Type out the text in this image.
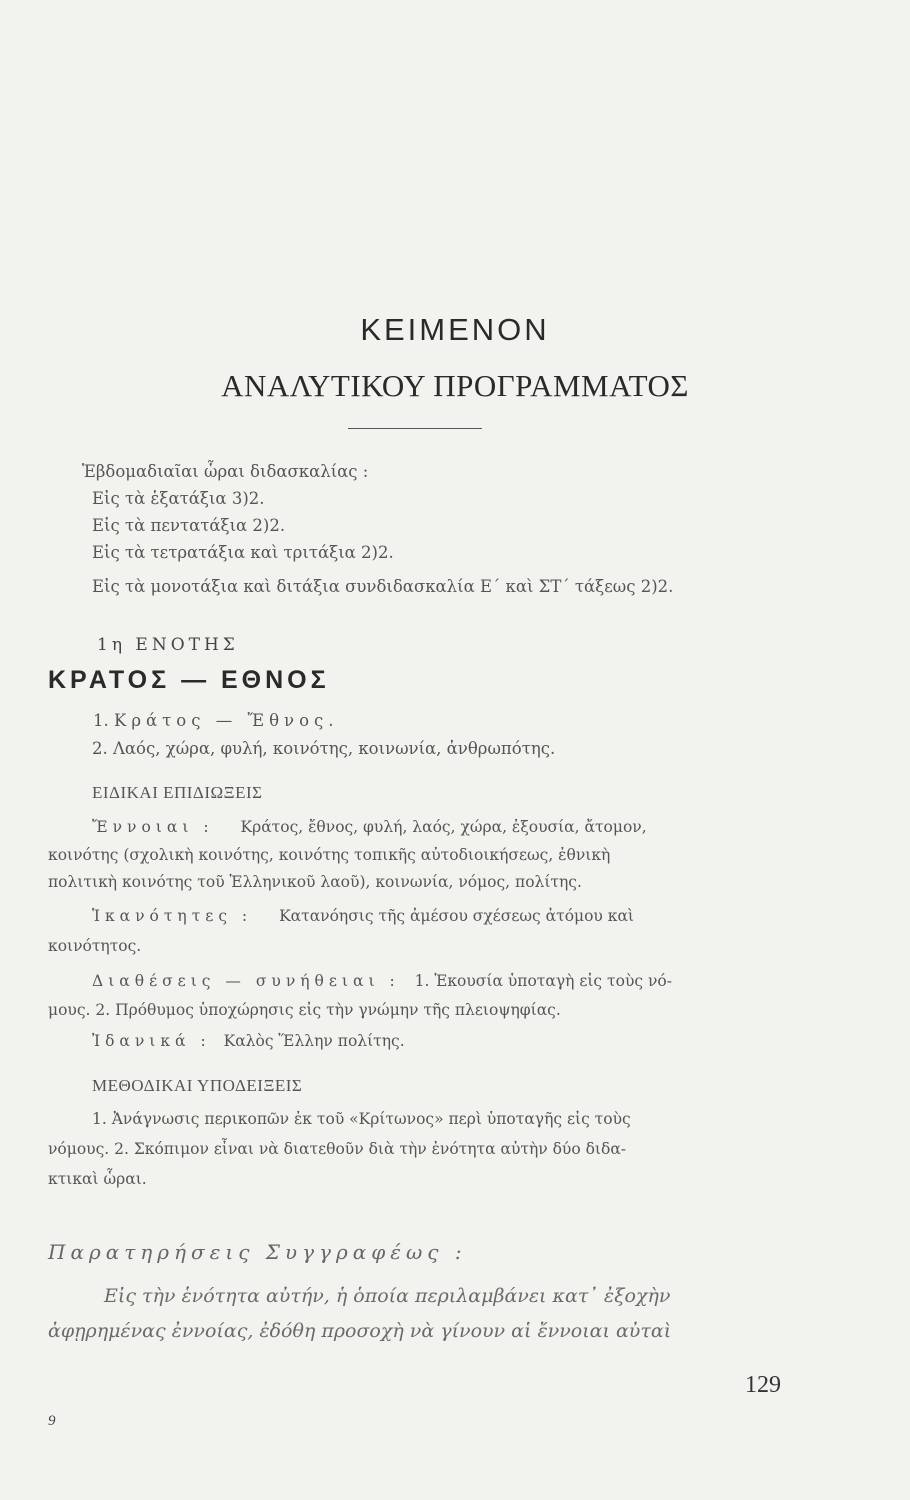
ΚΕΙΜΕΝΟΝ
ΑΝΑΛΥΤΙΚΟΥ ΠΡΟΓΡΑΜΜΑΤΟΣ
Ἑβδομαδιαῖαι ὧραι διδασκαλίας :
Εἰς τὰ ἑξατάξια 3)2.
Εἰς τὰ πεντατάξια 2)2.
Εἰς τὰ τετρατάξια καὶ τριτάξια 2)2.
Εἰς τὰ μονοτάξια καὶ διτάξια συνδιδασκαλία Ε΄ καὶ ΣΤ΄ τάξεως 2)2.
1η ΕΝΟΤΗΣ
ΚΡΑΤΟΣ — ΕΘΝΟΣ
1. Κράτος — Ἔθνος.
2. Λαός, χώρα, φυλή, κοινότης, κοινωνία, ἀνθρωπότης.
ΕΙΔΙΚΑΙ ΕΠΙΔΙΩΞΕΙΣ
Ἔννοιαι : Κράτος, ἔθνος, φυλή, λαός, χώρα, ἐξουσία, ἄτομον,
κοινότης (σχολικὴ κοινότης, κοινότης τοπικῆς αὐτοδιοικήσεως, ἐθνικὴ
πολιτικὴ κοινότης τοῦ Ἑλληνικοῦ λαοῦ), κοινωνία, νόμος, πολίτης.
Ἱκανότητες : Κατανόησις τῆς ἀμέσου σχέσεως ἀτόμου καὶ
κοινότητος.
Διαθέσεις — συνήθειαι : 1. Ἑκουσία ὑποταγὴ εἰς τοὺς νό-
μους. 2. Πρόθυμος ὑποχώρησις εἰς τὴν γνώμην τῆς πλειοψηφίας.
Ἰδανικά : Καλὸς Ἕλλην πολίτης.
ΜΕΘΟΔΙΚΑΙ ΥΠΟΔΕΙΞΕΙΣ
1. Ἀνάγνωσις περικοπῶν ἐκ τοῦ «Κρίτωνος» περὶ ὑποταγῆς εἰς τοὺς
νόμους. 2. Σκόπιμον εἶναι νὰ διατεθοῦν διὰ τὴν ἑνότητα αὐτὴν δύο διδα-
κτικαὶ ὧραι.
Παρατηρήσεις Συγγραφέως :
Εἰς τὴν ἑνότητα αὐτήν, ἡ ὁποία περιλαμβάνει κατ᾽ ἐξοχὴν
ἀφῃρημένας ἐννοίας, ἐδόθη προσοχὴ νὰ γίνουν αἱ ἔννοιαι αὐταὶ
129
9
